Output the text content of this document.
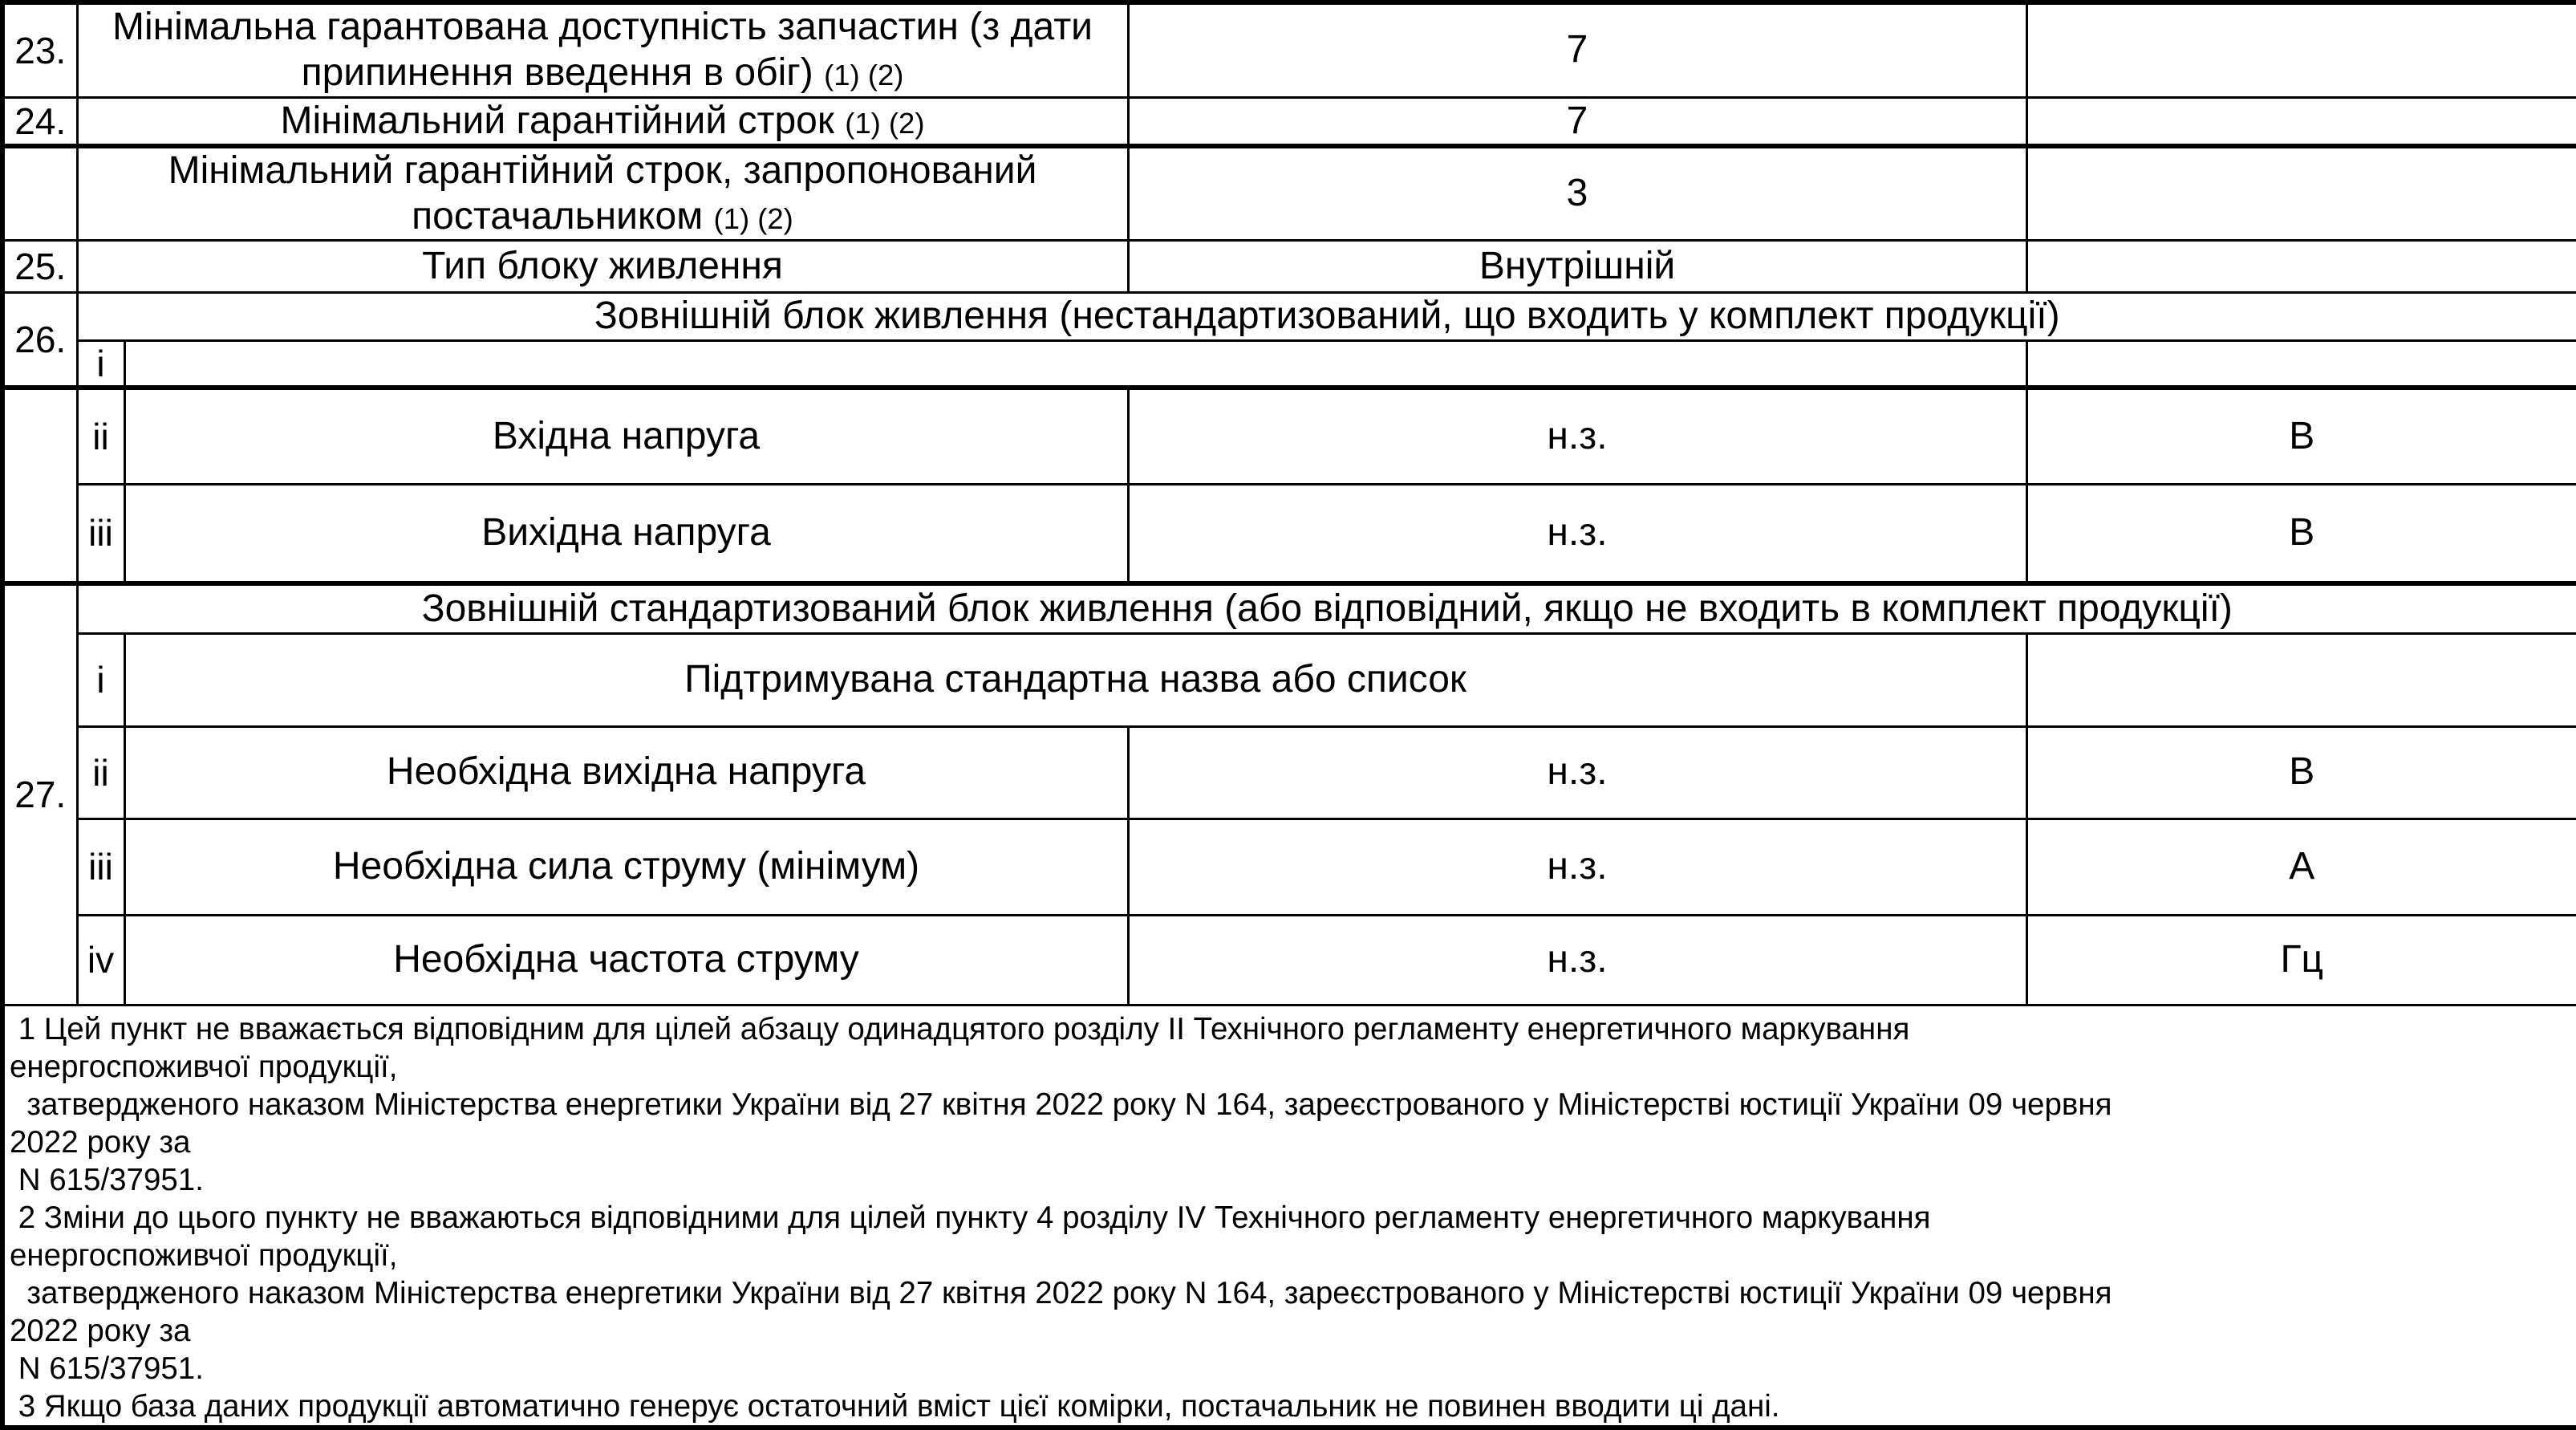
23.	Мінімальна гарантована доступність запчастин (з дати припинення введення в обіг) (1) (2)		7	
24.	Мінімальний гарантійний строк (1) (2)		7	
	Мінімальний гарантійний строк, запропонований постачальником (1) (2)		3	
25.	Тип блоку живлення		Внутрішній	
26.	Зовнішній блок живлення (нестандартизований, що входить у комплект продукції)			
	i			
	ii	Вхідна напруга	н.з.	В
	iii	Вихідна напруга	н.з.	В
27.	Зовнішній стандартизований блок живлення (або відповідний, якщо не входить в комплект продукції)			
	i	Підтримувана стандартна назва або список		
	ii	Необхідна вихідна напруга	н.з.	В
	iii	Необхідна сила струму (мінімум)	н.з.	А
	iv	Необхідна частота струму	н.з.	Гц

1 Цей пункт не вважається відповідним для цілей абзацу одинадцятого розділу II Технічного регламенту енергетичного маркування
енергоспоживчої продукції,
затвердженого наказом Міністерства енергетики України від 27 квітня 2022 року N 164, зареєстрованого у Міністерстві юстиції України 09 червня
2022 року за
N 615/37951.
2 Зміни до цього пункту не вважаються відповідними для цілей пункту 4 розділу IV Технічного регламенту енергетичного маркування
енергоспоживчої продукції,
затвердженого наказом Міністерства енергетики України від 27 квітня 2022 року N 164, зареєстрованого у Міністерстві юстиції України 09 червня
2022 року за
N 615/37951.
3 Якщо база даних продукції автоматично генерує остаточний вміст цієї комірки, постачальник не повинен вводити ці дані.
